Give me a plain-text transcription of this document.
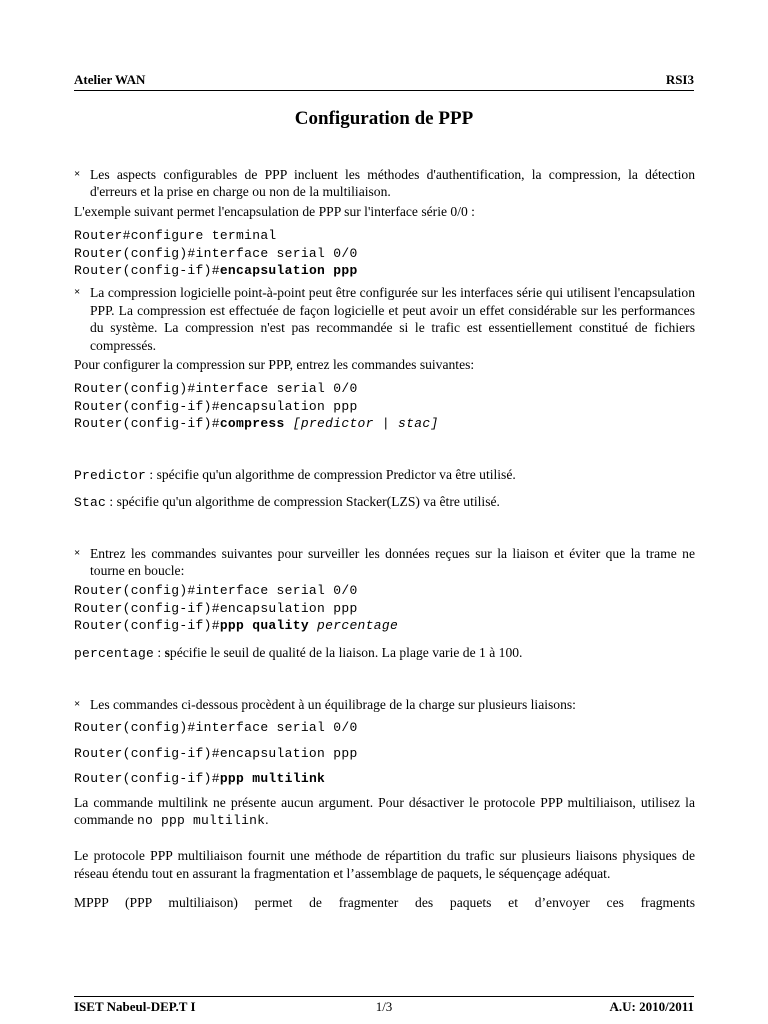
Atelier WAN	RSI3
Configuration de PPP
× Les aspects configurables de PPP incluent les méthodes d'authentification, la compression, la détection d'erreurs et la prise en charge ou non de la multiliaison.
L'exemple suivant permet l'encapsulation de PPP sur l'interface série 0/0 :
Router#configure terminal
Router(config)#interface serial 0/0
Router(config-if)#encapsulation ppp
× La compression logicielle point-à-point peut être configurée sur les interfaces série qui utilisent l'encapsulation PPP. La compression est effectuée de façon logicielle et peut avoir un effet considérable sur les performances du système. La compression n'est pas recommandée si le trafic est essentiellement constitué de fichiers compressés.
Pour configurer la compression sur PPP, entrez les commandes suivantes:
Router(config)#interface serial 0/0
Router(config-if)#encapsulation ppp
Router(config-if)#compress [predictor | stac]
Predictor : spécifie qu'un algorithme de compression Predictor va être utilisé.
Stac : spécifie qu'un algorithme de compression Stacker(LZS) va être utilisé.
× Entrez les commandes suivantes pour surveiller les données reçues sur la liaison et éviter que la trame ne tourne en boucle:
Router(config)#interface serial 0/0
Router(config-if)#encapsulation ppp
Router(config-if)#ppp quality percentage
percentage : spécifie le seuil de qualité de la liaison. La plage varie de 1 à 100.
× Les commandes ci-dessous procèdent à un équilibrage de la charge sur plusieurs liaisons:
Router(config)#interface serial 0/0
Router(config-if)#encapsulation ppp
Router(config-if)#ppp multilink
La commande multilink ne présente aucun argument. Pour désactiver le protocole PPP multiliaison, utilisez la commande no ppp multilink.
Le protocole PPP multiliaison fournit une méthode de répartition du trafic sur plusieurs liaisons physiques de réseau étendu tout en assurant la fragmentation et l’assemblage de paquets, le séquençage adéquat.
MPPP (PPP multiliaison) permet de fragmenter des paquets et d’envoyer ces fragments
ISET Nabeul-DEP.T I	1/3	A.U: 2010/2011
